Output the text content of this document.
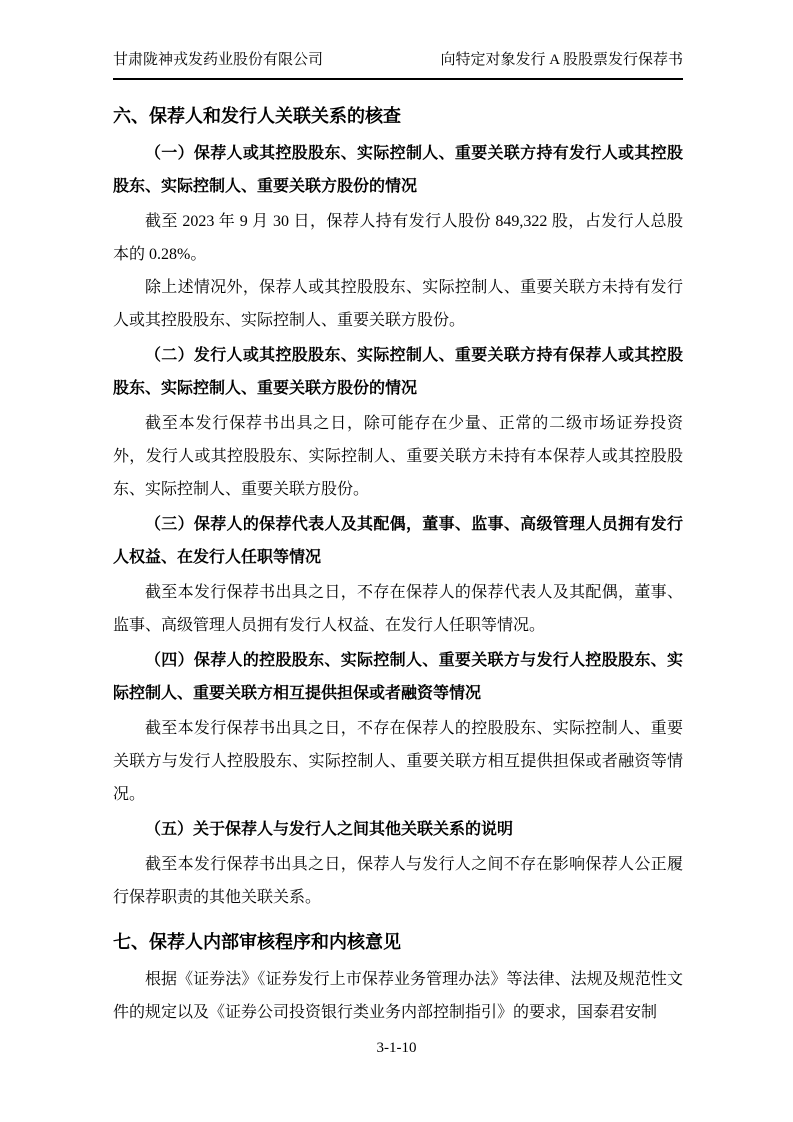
甘肃陇神戎发药业股份有限公司	向特定对象发行 A 股股票发行保荐书
六、保荐人和发行人关联关系的核查
（一）保荐人或其控股股东、实际控制人、重要关联方持有发行人或其控股股东、实际控制人、重要关联方股份的情况

截至 2023 年 9 月 30 日，保荐人持有发行人股份 849,322 股，占发行人总股本的 0.28%。

除上述情况外，保荐人或其控股股东、实际控制人、重要关联方未持有发行人或其控股股东、实际控制人、重要关联方股份。

（二）发行人或其控股股东、实际控制人、重要关联方持有保荐人或其控股股东、实际控制人、重要关联方股份的情况

截至本发行保荐书出具之日，除可能存在少量、正常的二级市场证券投资外，发行人或其控股股东、实际控制人、重要关联方未持有本保荐人或其控股股东、实际控制人、重要关联方股份。

（三）保荐人的保荐代表人及其配偶，董事、监事、高级管理人员拥有发行人权益、在发行人任职等情况

截至本发行保荐书出具之日，不存在保荐人的保荐代表人及其配偶，董事、监事、高级管理人员拥有发行人权益、在发行人任职等情况。

（四）保荐人的控股股东、实际控制人、重要关联方与发行人控股股东、实际控制人、重要关联方相互提供担保或者融资等情况

截至本发行保荐书出具之日，不存在保荐人的控股股东、实际控制人、重要关联方与发行人控股股东、实际控制人、重要关联方相互提供担保或者融资等情况。

（五）关于保荐人与发行人之间其他关联关系的说明

截至本发行保荐书出具之日，保荐人与发行人之间不存在影响保荐人公正履行保荐职责的其他关联关系。

七、保荐人内部审核程序和内核意见

根据《证券法》《证券发行上市保荐业务管理办法》等法律、法规及规范性文件的规定以及《证券公司投资银行类业务内部控制指引》的要求，国泰君安制

3-1-10
